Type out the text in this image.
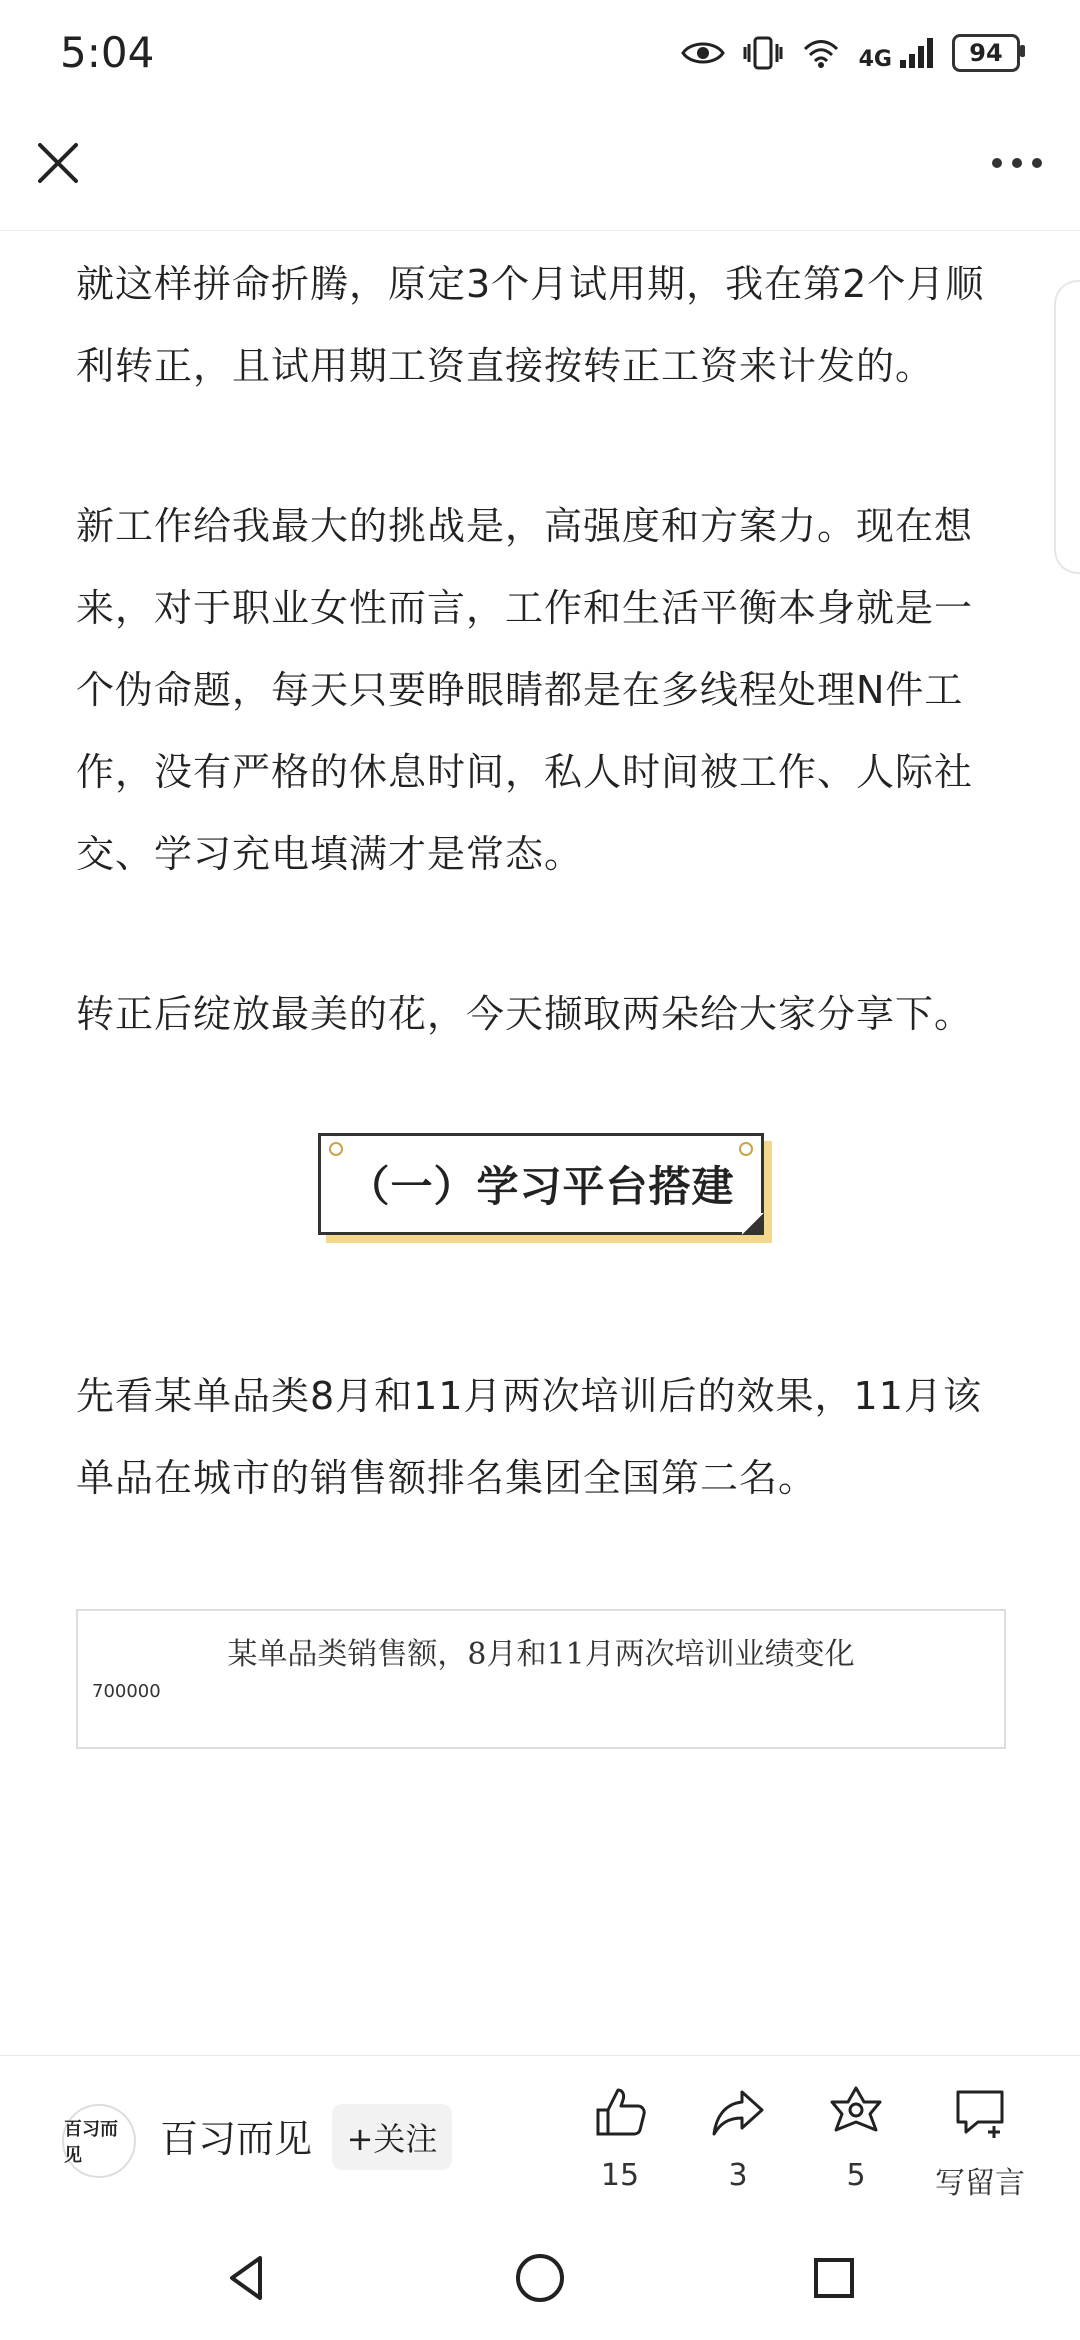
5:04	4G	94

就这样拼命折腾，原定3个月试用期，我在第2个月顺利转正，且试用期工资直接按转正工资来计发的。

新工作给我最大的挑战是，高强度和方案力。现在想来，对于职业女性而言，工作和生活平衡本身就是一个伪命题，每天只要睁眼睛都是在多线程处理N件工作，没有严格的休息时间，私人时间被工作、人际社交、学习充电填满才是常态。

转正后绽放最美的花，今天撷取两朵给大家分享下。

（一）学习平台搭建

先看某单品类8月和11月两次培训后的效果，11月该单品在城市的销售额排名集团全国第二名。

某单品类销售额，8月和11月两次培训业绩变化
700000
百习而见	百习而见	+关注
15	3	5	写留言
